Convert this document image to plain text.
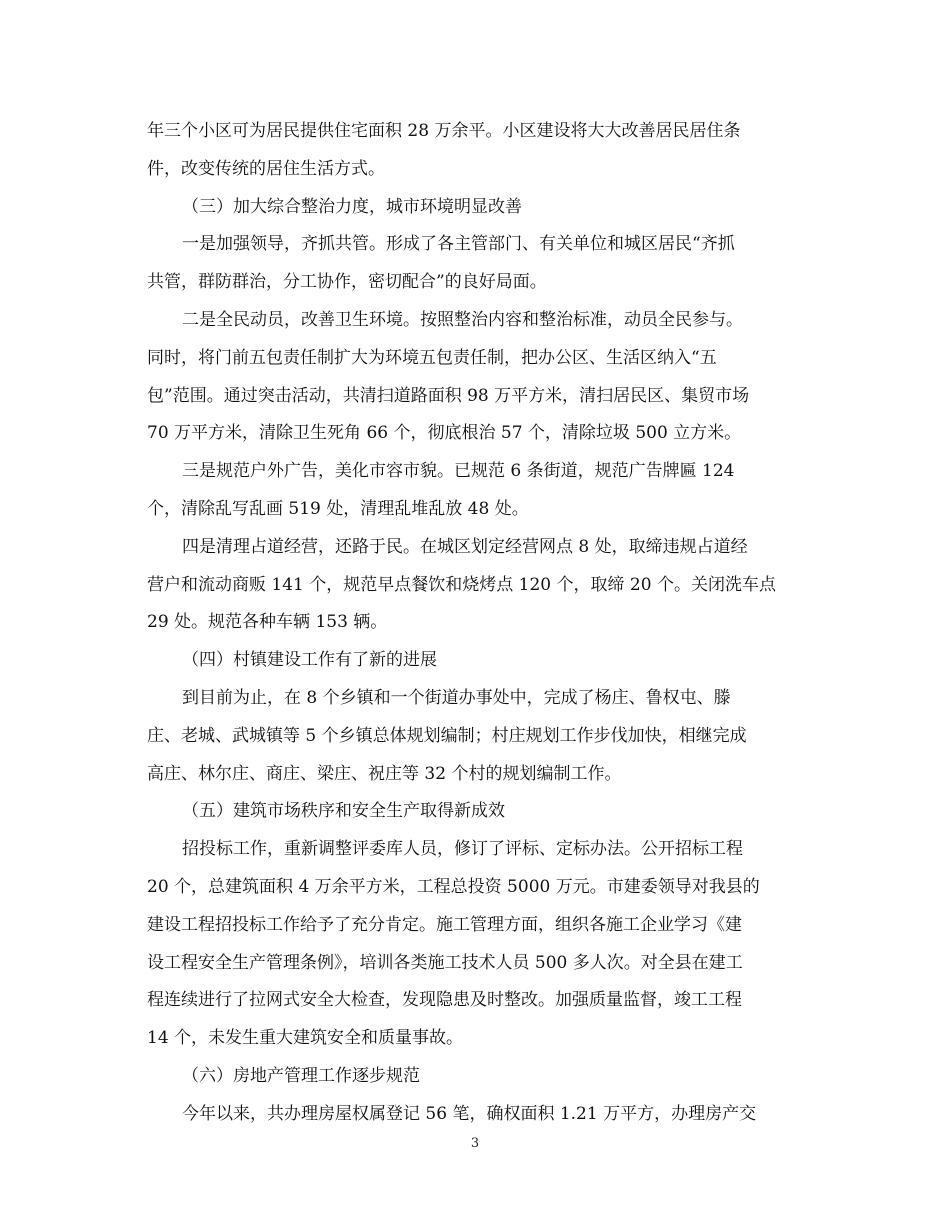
年三个小区可为居民提供住宅面积 28 万余平。小区建设将大大改善居民居住条
件，改变传统的居住生活方式。
（三）加大综合整治力度，城市环境明显改善
一是加强领导，齐抓共管。形成了各主管部门、有关单位和城区居民“齐抓
共管，群防群治，分工协作，密切配合”的良好局面。
二是全民动员，改善卫生环境。按照整治内容和整治标准，动员全民参与。
同时，将门前五包责任制扩大为环境五包责任制，把办公区、生活区纳入“五
包”范围。通过突击活动，共清扫道路面积 98 万平方米，清扫居民区、集贸市场
70 万平方米，清除卫生死角 66 个，彻底根治 57 个，清除垃圾 500 立方米。
三是规范户外广告，美化市容市貌。已规范 6 条街道，规范广告牌匾 124
个，清除乱写乱画 519 处，清理乱堆乱放 48 处。
四是清理占道经营，还路于民。在城区划定经营网点 8 处，取缔违规占道经
营户和流动商贩 141 个，规范早点餐饮和烧烤点 120 个，取缔 20 个。关闭洗车点
29 处。规范各种车辆 153 辆。
（四）村镇建设工作有了新的进展
到目前为止，在 8 个乡镇和一个街道办事处中，完成了杨庄、鲁权屯、滕
庄、老城、武城镇等 5 个乡镇总体规划编制；村庄规划工作步伐加快，相继完成
高庄、林尔庄、商庄、梁庄、祝庄等 32 个村的规划编制工作。
（五）建筑市场秩序和安全生产取得新成效
招投标工作，重新调整评委库人员，修订了评标、定标办法。公开招标工程
20 个，总建筑面积 4 万余平方米，工程总投资 5000 万元。市建委领导对我县的
建设工程招投标工作给予了充分肯定。施工管理方面，组织各施工企业学习《建
设工程安全生产管理条例》，培训各类施工技术人员 500 多人次。对全县在建工
程连续进行了拉网式安全大检查，发现隐患及时整改。加强质量监督，竣工工程
14 个，未发生重大建筑安全和质量事故。
（六）房地产管理工作逐步规范
今年以来，共办理房屋权属登记 56 笔，确权面积 1.21 万平方，办理房产交
3
